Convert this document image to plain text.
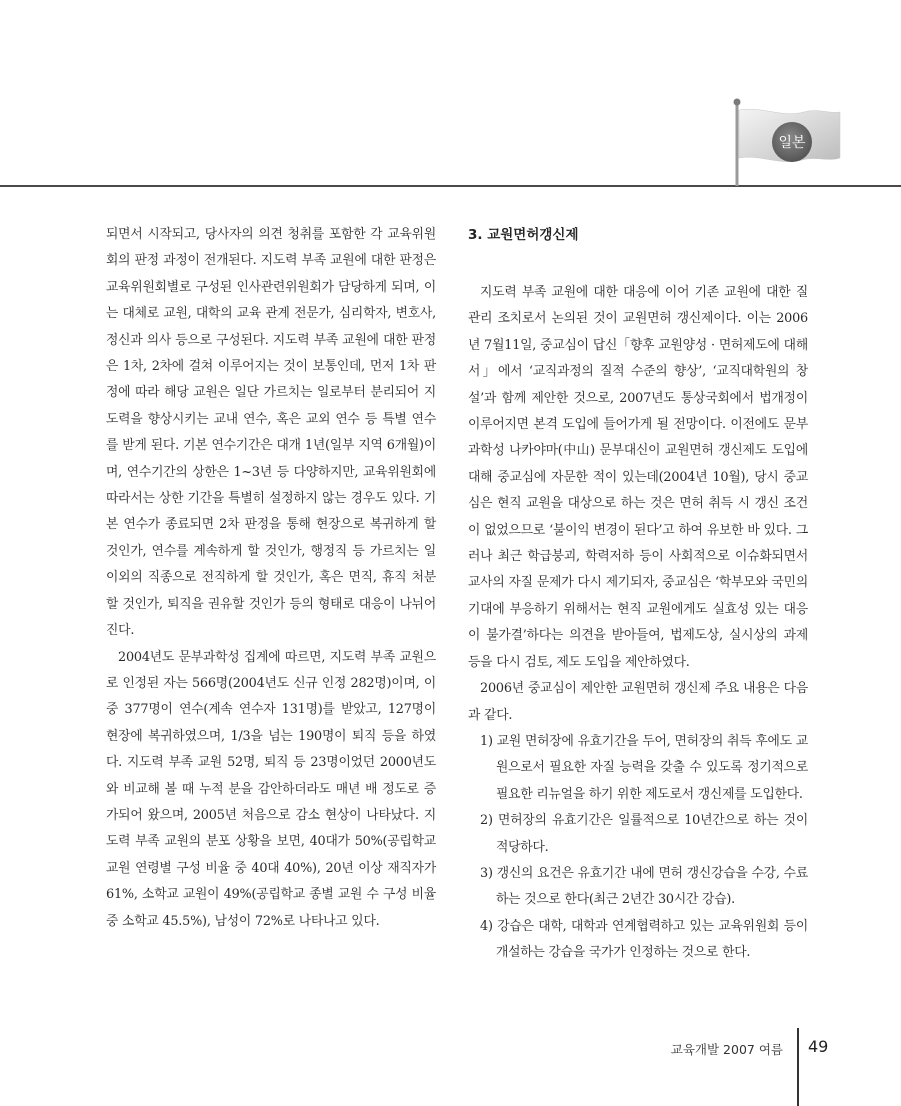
일본

되면서 시작되고, 당사자의 의견 청취를 포함한 각 교육위원회의 판정 과정이 전개된다. 지도력 부족 교원에 대한 판정은 교육위원회별로 구성된 인사관련위원회가 담당하게 되며, 이는 대체로 교원, 대학의 교육 관계 전문가, 심리학자, 변호사, 정신과 의사 등으로 구성된다. 지도력 부족 교원에 대한 판정은 1차, 2차에 걸쳐 이루어지는 것이 보통인데, 먼저 1차 판정에 따라 해당 교원은 일단 가르치는 일로부터 분리되어 지도력을 향상시키는 교내 연수, 혹은 교외 연수 등 특별 연수를 받게 된다. 기본 연수기간은 대개 1년(일부 지역 6개월)이며, 연수기간의 상한은 1~3년 등 다양하지만, 교육위원회에 따라서는 상한 기간을 특별히 설정하지 않는 경우도 있다. 기본 연수가 종료되면 2차 판정을 통해 현장으로 복귀하게 할 것인가, 연수를 계속하게 할 것인가, 행정직 등 가르치는 일 이외의 직종으로 전직하게 할 것인가, 혹은 면직, 휴직 처분할 것인가, 퇴직을 권유할 것인가 등의 형태로 대응이 나뉘어 진다.

2004년도 문부과학성 집계에 따르면, 지도력 부족 교원으로 인정된 자는 566명(2004년도 신규 인정 282명)이며, 이 중 377명이 연수(계속 연수자 131명)를 받았고, 127명이 현장에 복귀하였으며, 1/3을 넘는 190명이 퇴직 등을 하였다. 지도력 부족 교원 52명, 퇴직 등 23명이었던 2000년도와 비교해 볼 때 누적 분을 감안하더라도 매년 배 정도로 증가되어 왔으며, 2005년 처음으로 감소 현상이 나타났다. 지도력 부족 교원의 분포 상황을 보면, 40대가 50%(공립학교 교원 연령별 구성 비율 중 40대 40%), 20년 이상 재직자가 61%, 소학교 교원이 49%(공립학교 종별 교원 수 구성 비율 중 소학교 45.5%), 남성이 72%로 나타나고 있다.

3. 교원면허갱신제

지도력 부족 교원에 대한 대응에 이어 기존 교원에 대한 질 관리 조치로서 논의된 것이 교원면허 갱신제이다. 이는 2006년 7월11일, 중교심이 답신「향후 교원양성 · 면허제도에 대해서」에서 ‘교직과정의 질적 수준의 향상’, ‘교직대학원의 창설’과 함께 제안한 것으로, 2007년도 통상국회에서 법개정이 이루어지면 본격 도입에 들어가게 될 전망이다. 이전에도 문부과학성 나카야마(中山) 문부대신이 교원면허 갱신제도 도입에 대해 중교심에 자문한 적이 있는데(2004년 10월), 당시 중교심은 현직 교원을 대상으로 하는 것은 면허 취득 시 갱신 조건이 없었으므로 ‘불이익 변경이 된다’고 하여 유보한 바 있다. 그러나 최근 학급붕괴, 학력저하 등이 사회적으로 이슈화되면서 교사의 자질 문제가 다시 제기되자, 중교심은 ‘학부모와 국민의 기대에 부응하기 위해서는 현직 교원에게도 실효성 있는 대응이 불가결’하다는 의견을 받아들여, 법제도상, 실시상의 과제 등을 다시 검토, 제도 도입을 제안하였다.

2006년 중교심이 제안한 교원면허 갱신제 주요 내용은 다음과 같다.

1) 교원 면허장에 유효기간을 두어, 면허장의 취득 후에도 교원으로서 필요한 자질 능력을 갖출 수 있도록 정기적으로 필요한 리뉴얼을 하기 위한 제도로서 갱신제를 도입한다.

2) 면허장의 유효기간은 일률적으로 10년간으로 하는 것이 적당하다.

3) 갱신의 요건은 유효기간 내에 면허 갱신강습을 수강, 수료하는 것으로 한다(최근 2년간 30시간 강습).

4) 강습은 대학, 대학과 연계협력하고 있는 교육위원회 등이 개설하는 강습을 국가가 인정하는 것으로 한다.

교육개발 2007 여름 49
